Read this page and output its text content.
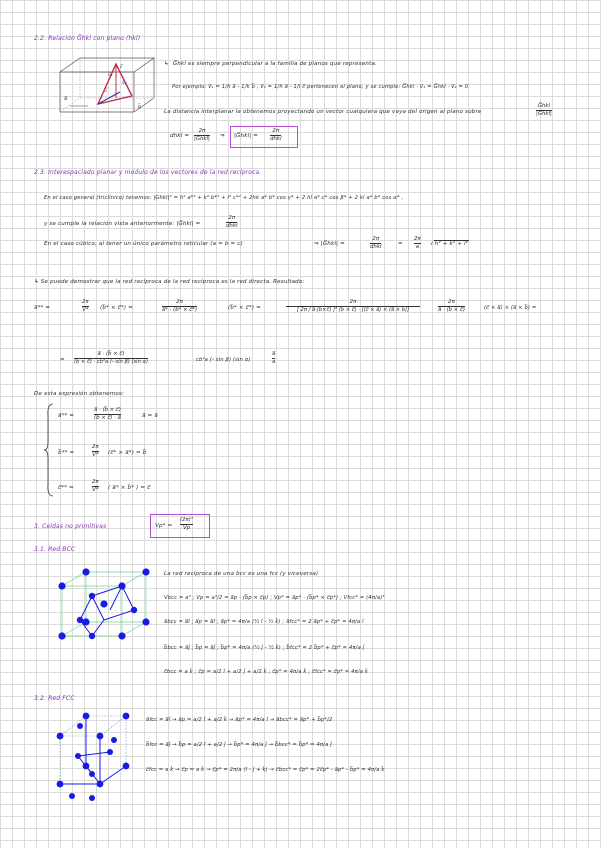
2.2. Relación G̅hkl con plano (hkl)
a̅
v̅₁
v̅₂
c̅
G̅
b̅
↳ G̅hkl es siempre perpendicular a la familia de planos que representa.
Por ejemplo: v̅₁ = 1/h a̅ - 1/k b̅ , v̅₂ = 1/h a̅ - 1/l c̅ pertenecen al plano, y se cumple: G̅hkl · v̅₁ = G̅hkl · v̅₂ = 0
La distancia interplanar la obtenemos proyectando un vector cualquiera que vaya del origen al plano sobre
G̅hkl
|G̅hkl|
dhkl =
2π
|G̅hkl|
⇒ |G̅hkl| =
2π
dhkl
2.3. Interespaciado planar y módulo de los vectores de la red recíproca.
En el caso general (triclínico) tenemos: |Ghkl|² = h² a*² + k² b*² + l² c*² + 2hk a* b* cos γ* + 2 hl a* c* cos β* + 2 kl a* b* cos α* ,
y se cumple la relación vista anteriormente: |G̅hkl| =
2π
dhkl
En el caso cúbico, al tener un único parámetro reticular (a = b = c)	⇒ |G̅hkl| =
2π
dhkl
=
2π
a
√h² + k² + l²
↳ Se puede demostrar que la red recíproca de la red recíproca es la red directa. Resultado:
a̅** =
2π
V* (b̅* × c̅*) =
2π
a̅* · (b̅* × c̅*)	(b̅* × c̅*) =
2π
[ 2π / a̅·(b̅×c̅) ]³ (b̅ × c̅) · [(c̅ × a̅) × (a̅ × b̅)]
2π
a̅ · (b̅ × c̅)	(c̅ × a̅) × (a̅ × b̅) =
=
a̅ · (b̅ × c̅)
(b̅ × c̅) · cb²a (- sin β) (sin α)	cb²a (- sin β) (sin α)
a̅
a
De esta expresión obtenemos:
a̅** =
a̅ · (b̅ × c̅)
(b̅ × c̅) · a̅	a̅ = a̅
b̅** =
2π
V* (c̅* × a̅*) = b̅
c̅** =
2π
V* ( a̅* × b̅* ) = c̅
3. Celdas no primitivas	Vp* =
(2π)³
Vp
3.1. Red BCC
La red recíproca de una bcc es una fcc (y viceversa)
Vbcc = a³ ; Vp = a³/2 = a̅p · (b̅p × c̅p) ; Vp* = a̅p* · (b̅p* × c̅p*) ; Vfcc* = (4π/a)³
a̅bcc = a̅î ; a̅p = a̅î ; a̅p* = 4π/a (½ î - ½ k̂) ; a̅fcc* = 2 a̅p* + c̅p* = 4π/a î
b̅bcc = a̅ĵ ; b̅p = a̅ĵ ; b̅p* = 4π/a (½ ĵ - ½ k̂) ; b̅fcc* = 2 b̅p* + c̅p* = 4π/a ĵ
c̅bcc = a k̂ ; c̅p = a/2 î + a/2 ĵ + a/2 k̂ ; c̅p* = 4π/a k̂ ; c̅fcc* = c̅p* = 4π/a k̂
3.2. Red FCC
a̅fcc = a̅î → a̅p = a/2 î + a/2 k̂ → a̅p* = 4π/a î → a̅bcc* = a̅p* + b̅p*/2
b̅fcc = a̅ĵ → b̅p = a/2 î + a/2 ĵ → b̅p* = 4π/a ĵ → b̅bcc* = b̅p* = 4π/a ĵ
c̅fcc = a k̂ → c̅p = a k̂ → c̅p* = 2π/a (î - ĵ + k̂) → c̅bcc* = c̅p* = 2c̅p* - a̅p* - b̅p* = 4π/a k̂
